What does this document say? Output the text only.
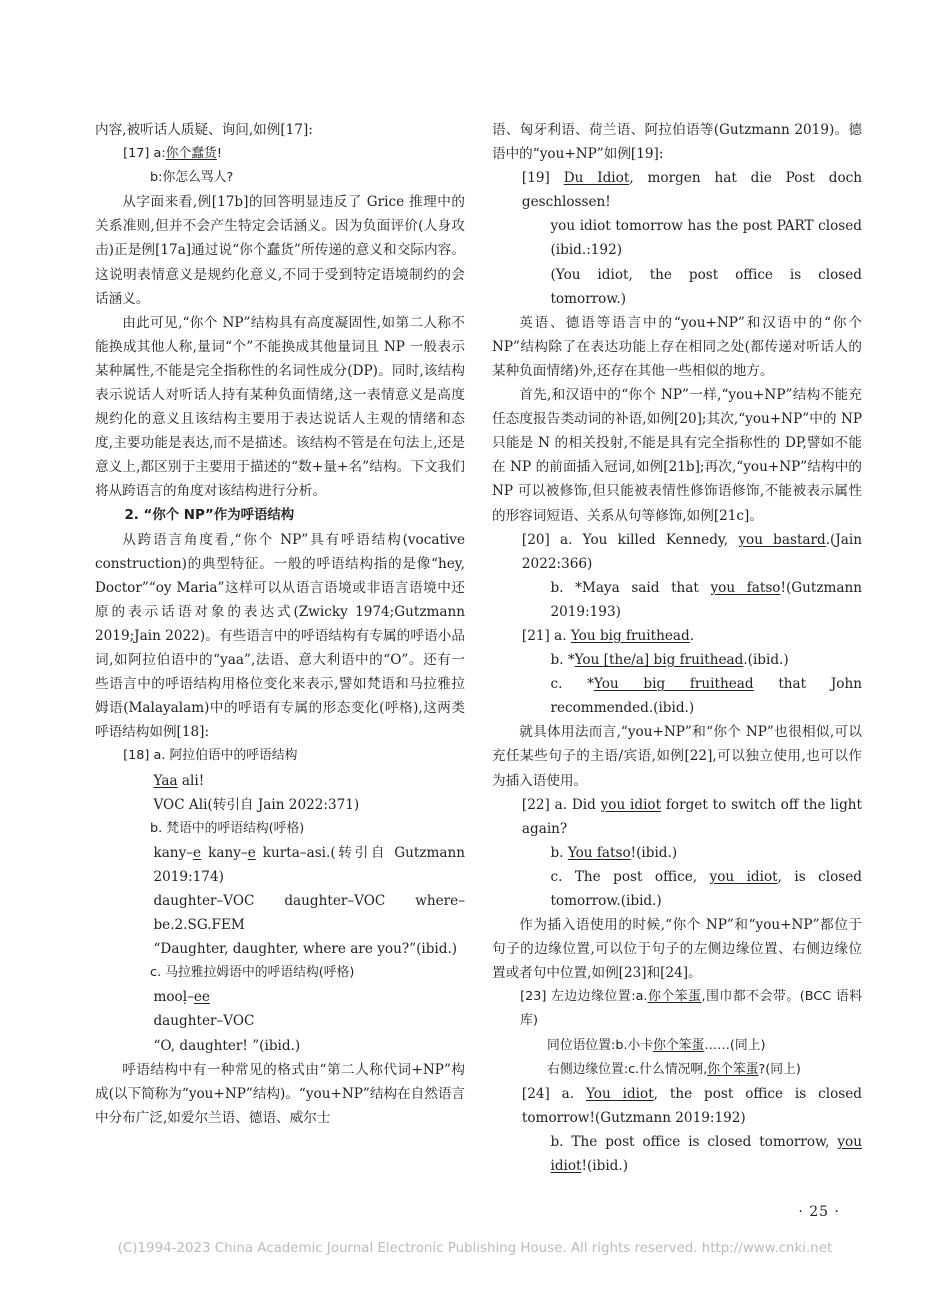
内容,被听话人质疑、询问,如例[17]:

[17] a:你个蠢货!

b:你怎么骂人?

从字面来看,例[17b]的回答明显违反了 Grice 推理中的关系准则,但并不会产生特定会话涵义。因为负面评价(人身攻击)正是例[17a]通过说“你个蠢货”所传递的意义和交际内容。这说明表情意义是规约化意义,不同于受到特定语境制约的会话涵义。

由此可见,“你个 NP”结构具有高度凝固性,如第二人称不能换成其他人称,量词“个”不能换成其他量词且 NP 一般表示某种属性,不能是完全指称性的名词性成分(DP)。同时,该结构表示说话人对听话人持有某种负面情绪,这一表情意义是高度规约化的意义且该结构主要用于表达说话人主观的情绪和态度,主要功能是表达,而不是描述。该结构不管是在句法上,还是意义上,都区别于主要用于描述的“数+量+名”结构。下文我们将从跨语言的角度对该结构进行分析。

2. “你个 NP”作为呼语结构

从跨语言角度看,“你个 NP”具有呼语结构(vocative construction)的典型特征。一般的呼语结构指的是像“hey, Doctor”“oy Maria”这样可以从语言语境或非语言语境中还原的表示话语对象的表达式(Zwicky 1974;Gutzmann 2019;Jain 2022)。有些语言中的呼语结构有专属的呼语小品词,如阿拉伯语中的“yaa”,法语、意大利语中的“O”。还有一些语言中的呼语结构用格位变化来表示,譬如梵语和马拉雅拉姆语(Malayalam)中的呼语有专属的形态变化(呼格),这两类呼语结构如例[18]:

[18] a. 阿拉伯语中的呼语结构

Yaa ali!

VOC Ali(转引自 Jain 2022:371)

b. 梵语中的呼语结构(呼格)

kany–e kany–e kurta–asi.(转引自 Gutzmann 2019:174)

daughter–VOC daughter–VOC where–be.2.SG.FEM

“Daughter, daughter, where are you?”(ibid.)

c. 马拉雅拉姆语中的呼语结构(呼格)

mooḷ–ee

daughter–VOC

“O, daughter! ”(ibid.)

呼语结构中有一种常见的格式由“第二人称代词+NP”构成(以下简称为“you+NP”结构)。“you+NP”结构在自然语言中分布广泛,如爱尔兰语、德语、威尔士

语、匈牙利语、荷兰语、阿拉伯语等(Gutzmann 2019)。德语中的“you+NP”如例[19]:

[19] Du Idiot, morgen hat die Post doch geschlossen!

you idiot tomorrow has the post PART closed (ibid.:192)

(You idiot, the post office is closed tomorrow.)

英语、德语等语言中的“you+NP”和汉语中的“你个 NP”结构除了在表达功能上存在相同之处(都传递对听话人的某种负面情绪)外,还存在其他一些相似的地方。

首先,和汉语中的“你个 NP”一样,“you+NP”结构不能充任态度报告类动词的补语,如例[20];其次,“you+NP”中的 NP 只能是 N 的相关投射,不能是具有完全指称性的 DP,譬如不能在 NP 的前面插入冠词,如例[21b];再次,“you+NP”结构中的 NP 可以被修饰,但只能被表情性修饰语修饰,不能被表示属性的形容词短语、关系从句等修饰,如例[21c]。

[20] a. You killed Kennedy, you bastard.(Jain 2022:366)

b. *Maya said that you fatso!(Gutzmann 2019:193)

[21] a. You big fruithead.

b. *You [the/a] big fruithead.(ibid.)

c. *You big fruithead that John recommended.(ibid.)

就具体用法而言,“you+NP”和“你个 NP”也很相似,可以充任某些句子的主语/宾语,如例[22],可以独立使用,也可以作为插入语使用。

[22] a. Did you idiot forget to switch off the light again?

b. You fatso!(ibid.)

c. The post office, you idiot, is closed tomorrow.(ibid.)

作为插入语使用的时候,“你个 NP”和“you+NP”都位于句子的边缘位置,可以位于句子的左侧边缘位置、右侧边缘位置或者句中位置,如例[23]和[24]。

[23] 左边边缘位置:a.你个笨蛋,围巾都不会带。(BCC 语料库)

同位语位置:b.小卡你个笨蛋……(同上)

右侧边缘位置:c.什么情况啊,你个笨蛋?(同上)

[24] a. You idiot, the post office is closed tomorrow!(Gutzmann 2019:192)

b. The post office is closed tomorrow, you idiot!(ibid.)

· 25 ·
(C)1994-2023 China Academic Journal Electronic Publishing House. All rights reserved. http://www.cnki.net
